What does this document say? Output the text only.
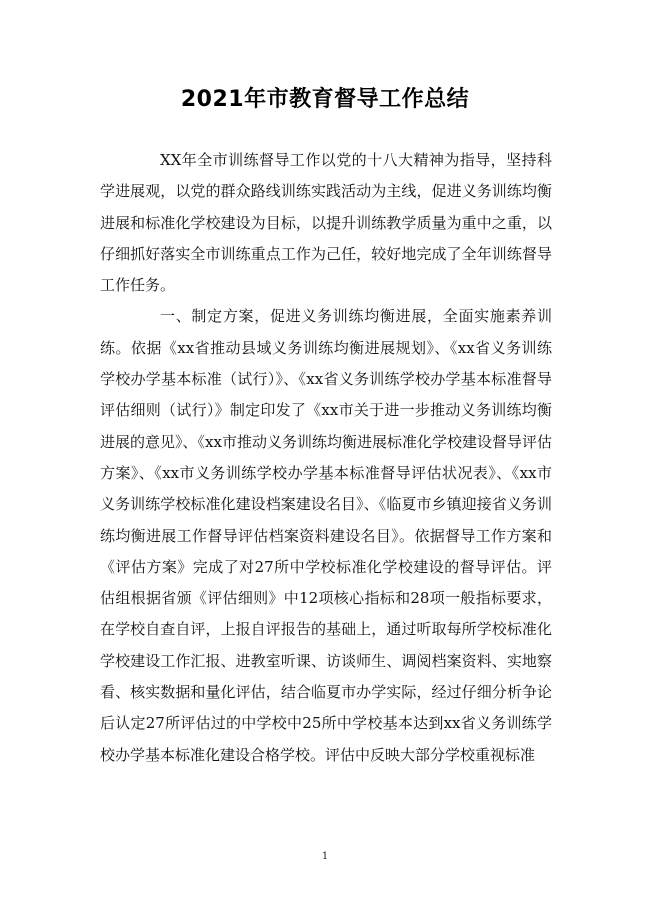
2021年市教育督导工作总结

XX年全市训练督导工作以党的十八大精神为指导，坚持科学进展观，以党的群众路线训练实践活动为主线，促进义务训练均衡进展和标准化学校建设为目标，以提升训练教学质量为重中之重，以仔细抓好落实全市训练重点工作为己任，较好地完成了全年训练督导工作任务。

一、制定方案，促进义务训练均衡进展，全面实施素养训练。依据《xx省推动县域义务训练均衡进展规划》、《xx省义务训练学校办学基本标准（试行）》、《xx省义务训练学校办学基本标准督导评估细则（试行）》制定印发了《xx市关于进一步推动义务训练均衡进展的意见》、《xx市推动义务训练均衡进展标准化学校建设督导评估方案》、《xx市义务训练学校办学基本标准督导评估状况表》、《xx市义务训练学校标准化建设档案建设名目》、《临夏市乡镇迎接省义务训练均衡进展工作督导评估档案资料建设名目》。依据督导工作方案和《评估方案》完成了对27所中学校标准化学校建设的督导评估。评估组根据省颁《评估细则》中12项核心指标和28项一般指标要求，在学校自查自评，上报自评报告的基础上，通过听取每所学校标准化学校建设工作汇报、进教室听课、访谈师生、调阅档案资料、实地察看、核实数据和量化评估，结合临夏市办学实际，经过仔细分析争论后认定27所评估过的中学校中25所中学校基本达到xx省义务训练学校办学基本标准化建设合格学校。评估中反映大部分学校重视标准

1
